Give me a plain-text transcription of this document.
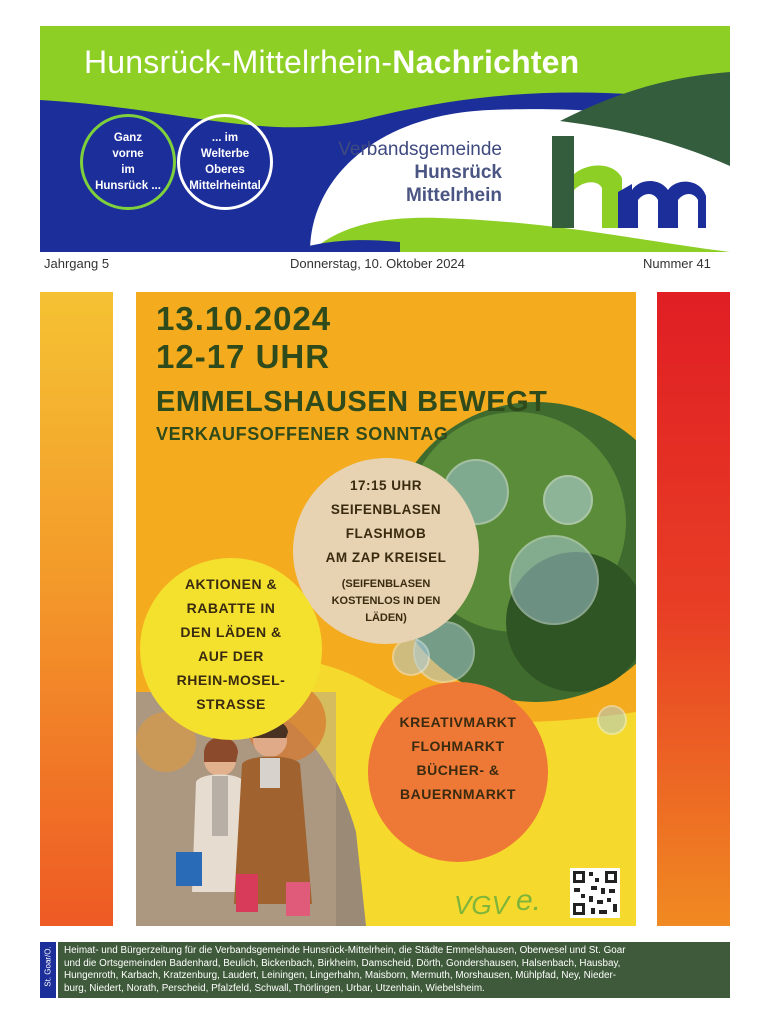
Hunsrück-Mittelrhein-Nachrichten
Ganz
vorne
im
Hunsrück ...
... im
Welterbe
Oberes
Mittelrheintal
Verbandsgemeinde
Hunsrück
Mittelrhein
Jahrgang 5	Donnerstag, 10. Oktober 2024	Nummer 41
VGV e.
13.10.2024
12-17 UHR
EMMELSHAUSEN BEWEGT
VERKAUFSOFFENER SONNTAG
17:15 UHR
SEIFENBLASEN
FLASHMOB
AM ZAP KREISEL
(SEIFENBLASEN
KOSTENLOS IN DEN
LÄDEN)
AKTIONEN &
RABATTE IN
DEN LÄDEN &
AUF DER
RHEIN-MOSEL-
STRASSE
KREATIVMARKT
FLOHMARKT
BÜCHER- &
BAUERNMARKT
St. Goar/O. Heimat- und Bürgerzeitung für die Verbandsgemeinde Hunsrück-Mittelrhein, die Städte Emmelshausen, Oberwesel und St. Goar
und die Ortsgemeinden Badenhard, Beulich, Bickenbach, Birkheim, Damscheid, Dörth, Gondershausen, Halsenbach, Hausbay,
Hungenroth, Karbach, Kratzenburg, Laudert, Leiningen, Lingerhahn, Maisborn, Mermuth, Morshausen, Mühlpfad, Ney, Nieder-
burg, Niedert, Norath, Perscheid, Pfalzfeld, Schwall, Thörlingen, Urbar, Utzenhain, Wiebelsheim.
